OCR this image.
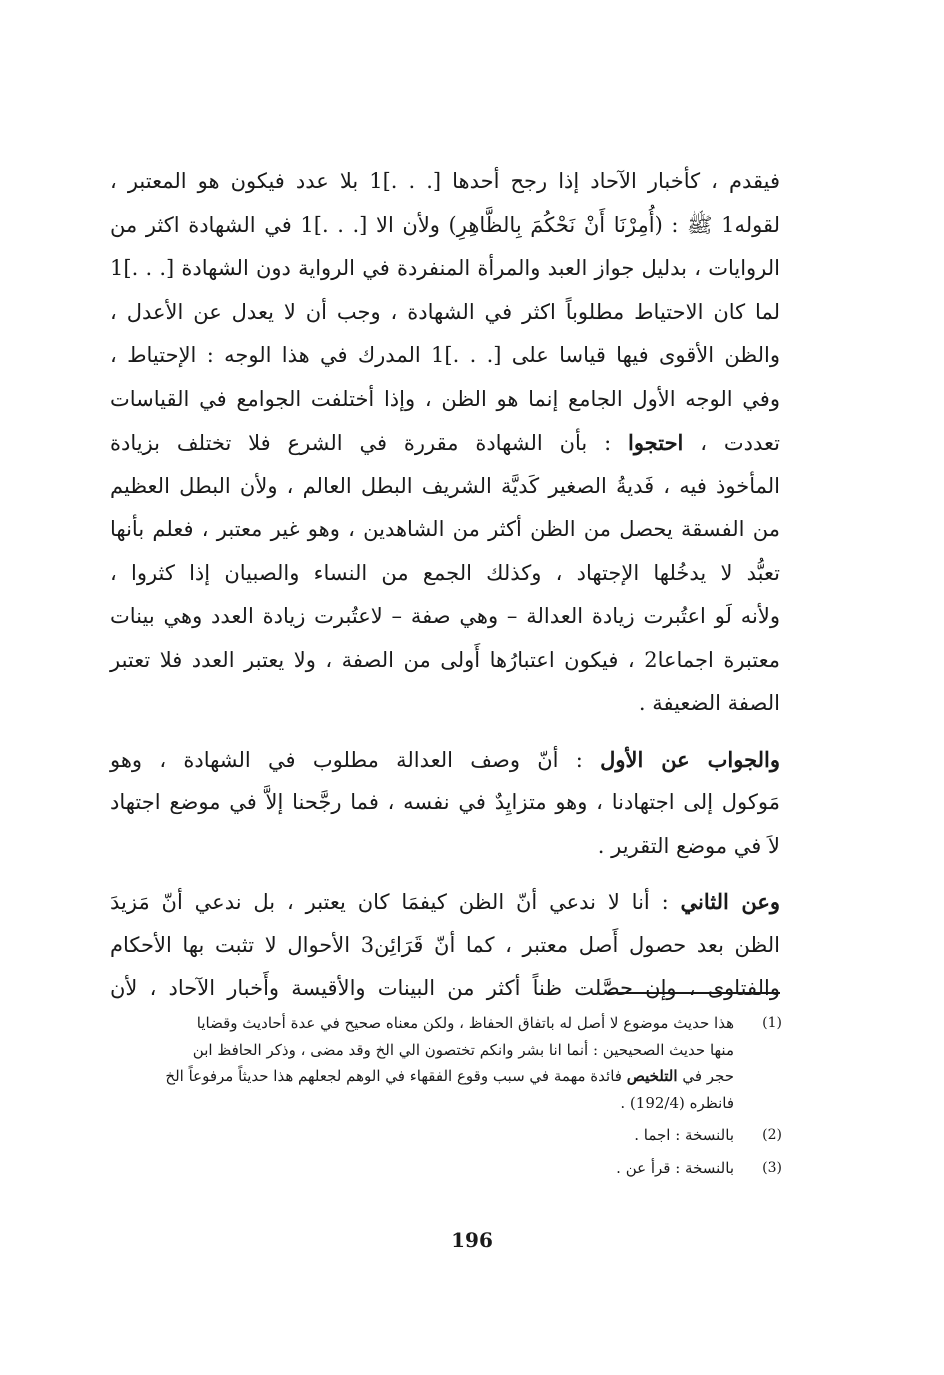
فيقدم ، كأخبار الآحاد إذا رجح أحدها [. . .]1 بلا عدد فيكون هو المعتبر ،
لقوله1 ﷺ : (أُمِرْنَا أَنْ نَحْكُمَ بِالظَّاهِرِ) ولأن الا [. . .]1 في الشهادة اكثر من
الروايات ، بدليل جواز العبد والمرأة المنفردة في الرواية دون الشهادة [. . .]1
لما كان الاحتياط مطلوباً اكثر في الشهادة ، وجب أن لا يعدل عن الأعدل ،
والظن الأقوى فيها قياسا على [. . .]1 المدرك في هذا الوجه : الإحتياط ،
وفي الوجه الأول الجامع إنما هو الظن ، وإذا أختلفت الجوامع في القياسات
تعددت ، احتجوا : بأن الشهادة مقررة في الشرع فلا تختلف بزيادة
المأخوذ فيه ، فَديةُ الصغير كَديَّة الشريف البطل العالم ، ولأن البطل العظيم
من الفسقة يحصل من الظن أكثر من الشاهدين ، وهو غير معتبر ، فعلم بأنها
تعبُّد لا يدخُلها الإجتهاد ، وكذلك الجمع من النساء والصبيان إذا كثروا ،
ولأنه لَو اعتُبرت زيادة العدالة – وهي صفة – لاعتُبرت زيادة العدد وهي بينات
معتبرة اجماعا2 ، فيكون اعتبارُها أَولى من الصفة ، ولا يعتبر العدد فلا تعتبر
الصفة الضعيفة .
والجواب عن الأول : أنّ وصف العدالة مطلوب في الشهادة ، وهو
مَوكول إلى اجتهادنا ، وهو متزايِدٌ في نفسه ، فما رجَّحنا إلاَّ في موضع اجتهاد
لاَ في موضع التقرير .
وعن الثاني : أنا لا ندعي أنّ الظن كيفمَا كان يعتبر ، بل ندعي أنّ مَزيدَ
الظن بعد حصول أَصل معتبر ، كما أنّ قَرَائِن3 الأحوال لا تثبت بها الأحكام
والفتاوى ، وإن حصَّلت ظناً أكثر من البينات والأقيسة وأَخبار الآحاد ، لأن
(1)
هذا حديث موضوع لا أصل له باتفاق الحفاظ ، ولكن معناه صحيح في عدة أحاديث وقضايا
منها حديث الصحيحين : أنما انا بشر وانكم تختصون الي الخ وقد مضى ، وذكر الحافظ ابن
حجر في التلخيص فائدة مهمة في سبب وقوع الفقهاء في الوهم لجعلهم هذا حديثاً مرفوعاً الخ
فانظره (192/4) .
(2)
بالنسخة : اجما .
(3)
بالنسخة : قرأ عن .
196
